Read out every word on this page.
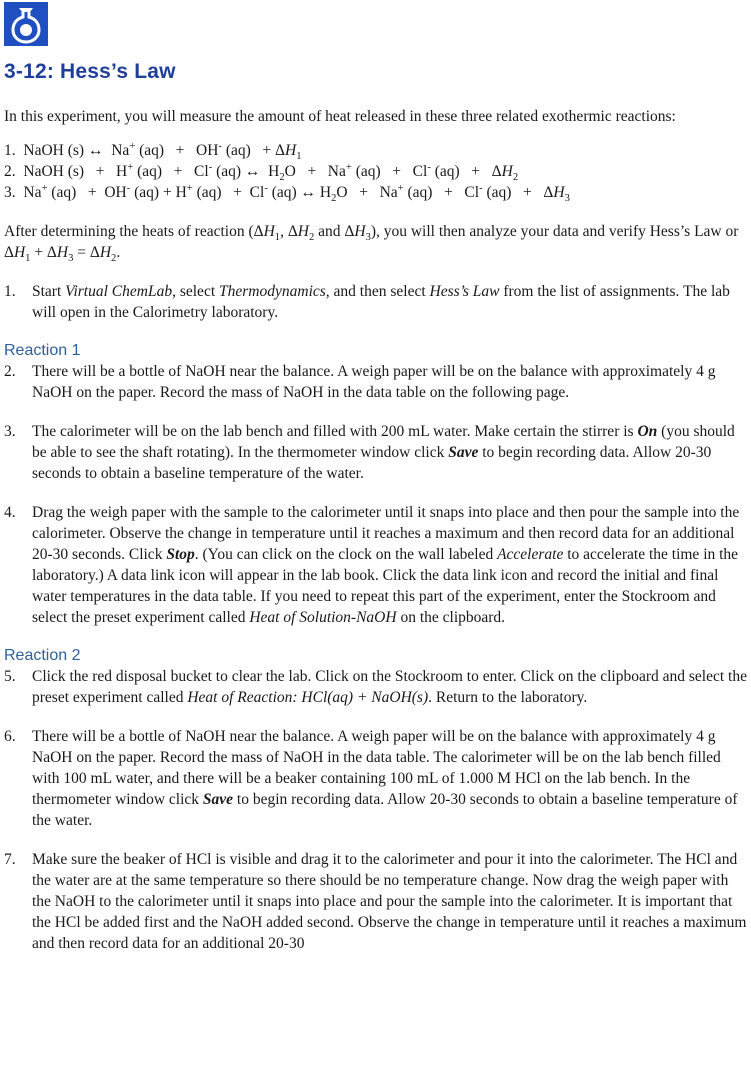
3-12: Hess’s Law

In this experiment, you will measure the amount of heat released in these three related exothermic reactions:

1.  NaOH (s) ↔  Na+ (aq)   +   OH- $(aq) + \Delta H_1$

2.  NaOH (s)   +   H+ (aq)   +   Cl- (aq) ↔  $H_2O + Na^+$ (aq)   +   Cl- $(aq) + \Delta H_2$

3.  Na+ (aq)   +  OH- (aq) + H+ (aq)   +  Cl- (aq) ↔ $H_2O + Na^+$ (aq)   +   Cl- $(aq) + \Delta H_3$

After determining the heats of reaction ($\Delta H_1$, $\Delta H_2$ and $\Delta H_3$), you will then analyze your data and verify Hess’s Law or $\Delta H_1 + \Delta H_3 = \Delta H_2$.

1.	Start Virtual ChemLab, select Thermodynamics, and then select Hess’s Law from the list of assignments. The lab will open in the Calorimetry laboratory.

Reaction 1

2.	There will be a bottle of NaOH near the balance. A weigh paper will be on the balance with approximately 4 g NaOH on the paper. Record the mass of NaOH in the data table on the following page.
3.	The calorimeter will be on the lab bench and filled with 200 mL water. Make certain the stirrer is On (you should be able to see the shaft rotating). In the thermometer window click Save to begin recording data. Allow 20-30 seconds to obtain a baseline temperature of the water.
4.	Drag the weigh paper with the sample to the calorimeter until it snaps into place and then pour the sample into the calorimeter. Observe the change in temperature until it reaches a maximum and then record data for an additional 20-30 seconds. Click Stop. (You can click on the clock on the wall labeled Accelerate to accelerate the time in the laboratory.) A data link icon will appear in the lab book. Click the data link icon and record the initial and final water temperatures in the data table. If you need to repeat this part of the experiment, enter the Stockroom and select the preset experiment called Heat of Solution-NaOH on the clipboard.

Reaction 2

5.	Click the red disposal bucket to clear the lab. Click on the Stockroom to enter. Click on the clipboard and select the preset experiment called Heat of Reaction: HCl(aq) + NaOH(s). Return to the laboratory.
6.	There will be a bottle of NaOH near the balance. A weigh paper will be on the balance with approximately 4 g NaOH on the paper. Record the mass of NaOH in the data table. The calorimeter will be on the lab bench filled with 100 mL water, and there will be a beaker containing 100 mL of 1.000 M HCl on the lab bench. In the thermometer window click Save to begin recording data. Allow 20-30 seconds to obtain a baseline temperature of the water.
7.	Make sure the beaker of HCl is visible and drag it to the calorimeter and pour it into the calorimeter. The HCl and the water are at the same temperature so there should be no temperature change. Now drag the weigh paper with the NaOH to the calorimeter until it snaps into place and pour the sample into the calorimeter. It is important that the HCl be added first and the NaOH added second. Observe the change in temperature until it reaches a maximum and then record data for an additional 20-30
